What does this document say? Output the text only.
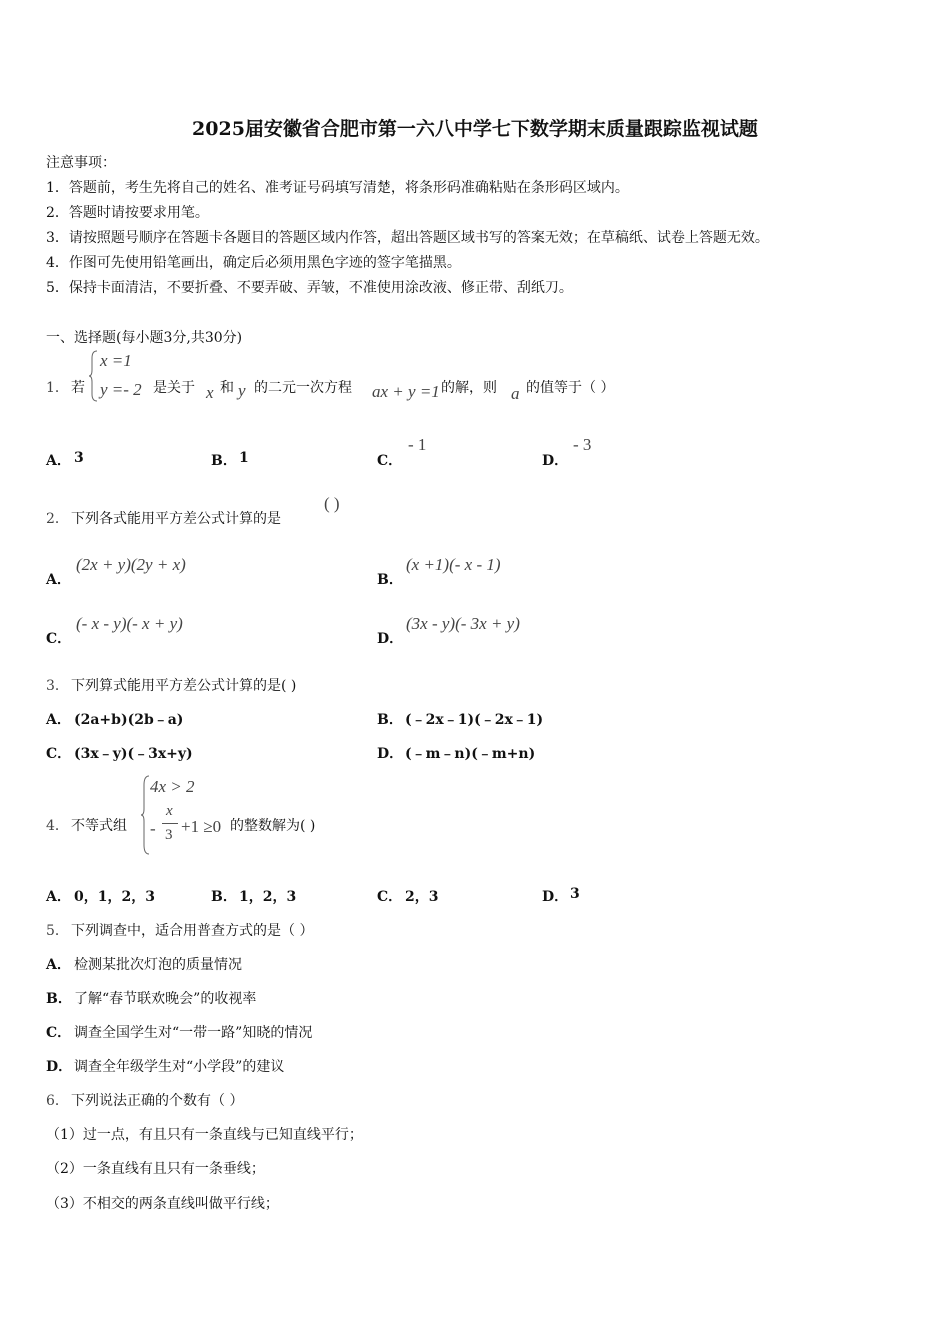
2025届安徽省合肥市第一六八中学七下数学期末质量跟踪监视试题
注意事项：
1．答题前，考生先将自己的姓名、准考证号码填写清楚，将条形码准确粘贴在条形码区域内。
2．答题时请按要求用笔。
3．请按照题号顺序在答题卡各题目的答题区域内作答，超出答题区域书写的答案无效；在草稿纸、试卷上答题无效。
4．作图可先使用铅笔画出，确定后必须用黑色字迹的签字笔描黑。
5．保持卡面清洁，不要折叠、不要弄破、弄皱，不准使用涂改液、修正带、刮纸刀。
一、选择题(每小题3分,共30分)
1． 若
x =1
y =- 2 是关于 x 和 y 的二元一次方程 ax + y =1 的解，则 a 的值等于（ ）
A． 3	B． 1	C．
- 1
D．
- 3
2． 下列各式能用平方差公式计算的是
( )
A．
(2x + y)(2y + x)
B．
(x +1)(- x - 1)
C．
(- x - y)(- x + y)
D．
(3x - y)(- 3x + y)
3． 下列算式能用平方差公式计算的是( )
A． (2a+b)(2b﹣a)	B． (﹣2x﹣1)(﹣2x﹣1)
C． (3x﹣y)(﹣3x+y)	D． (﹣m﹣n)(﹣m+n)
4． 不等式组
4x > 2
-
x
3 +1 ≥0 的整数解为( )
A． 0，1，2，3	B． 1，2，3	C． 2，3	D． 3
5． 下列调查中，适合用普查方式的是（ ）
A． 检测某批次灯泡的质量情况
B． 了解“春节联欢晚会”的收视率
C． 调查全国学生对“一带一路”知晓的情况
D． 调查全年级学生对“小学段”的建议
6． 下列说法正确的个数有（ ）
（1）过一点，有且只有一条直线与已知直线平行；
（2）一条直线有且只有一条垂线；
（3）不相交的两条直线叫做平行线；
